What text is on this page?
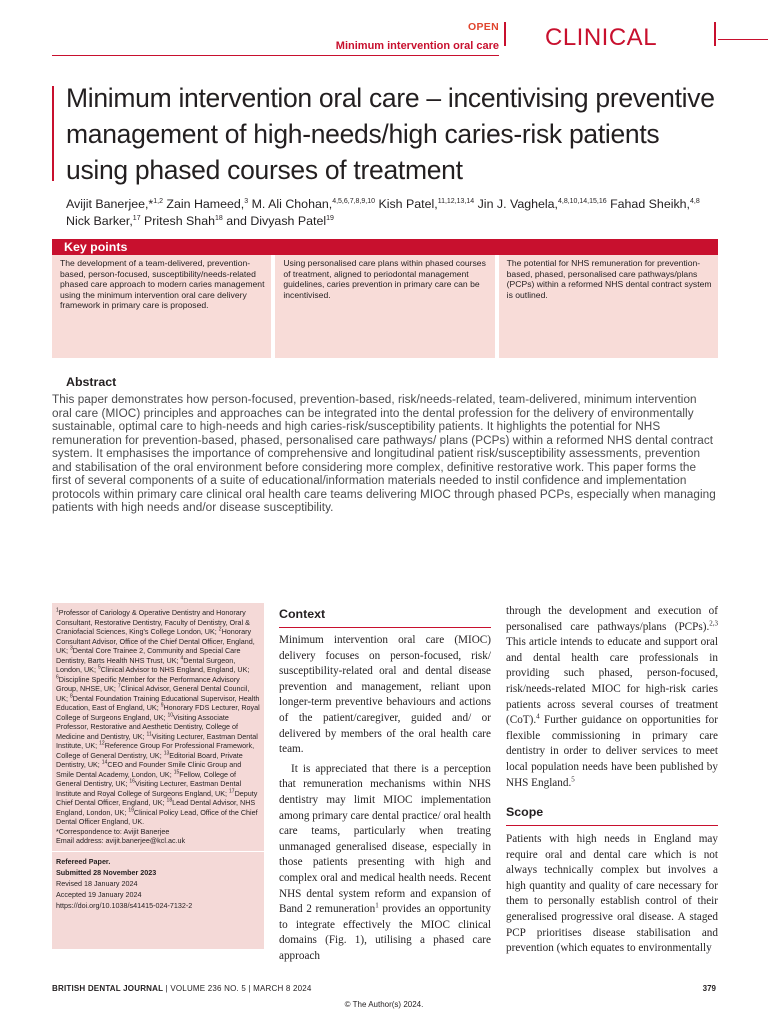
OPEN
Minimum intervention oral care CLINICAL
Minimum intervention oral care – incentivising preventive management of high-needs/high caries-risk patients using phased courses of treatment
Avijit Banerjee,*$^{1,2}$ Zain Hameed,$^3$ M. Ali Chohan,$^{4,5,6,7,8,9,10}$ Kish Patel,$^{11,12,13,14}$ Jin J. Vaghela,$^{4,8,10,14,15,16}$ Fahad Sheikh,$^{4,8}$ Nick Barker,$^{17}$ Pritesh Shah$^{18}$ and Divyash Patel$^{19}$
Key points
The development of a team-delivered, prevention-based, person-focused, susceptibility/needs-related phased care approach to modern caries management using the minimum intervention oral care delivery framework in primary care is proposed.
Using personalised care plans within phased courses of treatment, aligned to periodontal management guidelines, caries prevention in primary care can be incentivised.
The potential for NHS remuneration for prevention-based, phased, personalised care pathways/plans (PCPs) within a reformed NHS dental contract system is outlined.
Abstract
This paper demonstrates how person-focused, prevention-based, risk/needs-related, team-delivered, minimum intervention oral care (MIOC) principles and approaches can be integrated into the dental profession for the delivery of environmentally sustainable, optimal care to high-needs and high caries-risk/susceptibility patients. It highlights the potential for NHS remuneration for prevention-based, phased, personalised care pathways/ plans (PCPs) within a reformed NHS dental contract system. It emphasises the importance of comprehensive and longitudinal patient risk/susceptibility assessments, prevention and stabilisation of the oral environment before considering more complex, definitive restorative work. This paper forms the first of several components of a suite of educational/information materials needed to instil confidence and implementation protocols within primary care clinical oral health care teams delivering MIOC through phased PCPs, especially when managing patients with high needs and/or disease susceptibility.
$^1$Professor of Cariology & Operative Dentistry and Honorary Consultant, Restorative Dentistry, Faculty of Dentistry, Oral & Craniofacial Sciences, King's College London, UK; $^2$Honorary Consultant Advisor, Office of the Chief Dental Officer, England, UK; $^3$Dental Core Trainee 2, Community and Special Care Dentistry, Barts Health NHS Trust, UK; $^4$Dental Surgeon, London, UK; $^5$Clinical Advisor to NHS England, England, UK; $^6$Discipline Specific Member for the Performance Advisory Group, NHSE, UK; $^7$Clinical Advisor, General Dental Council, UK; $^8$Dental Foundation Training Educational Supervisor, Health Education, East of England, UK; $^9$Honorary FDS Lecturer, Royal College of Surgeons England, UK; $^{10}$Visiting Associate Professor, Restorative and Aesthetic Dentistry, College of Medicine and Dentistry, UK; $^{11}$Visiting Lecturer, Eastman Dental Institute, UK; $^{12}$Reference Group For Professional Framework, College of General Dentistry, UK; $^{13}$Editorial Board, Private Dentistry, UK; $^{14}$CEO and Founder Smile Clinic Group and Smile Dental Academy, London, UK; $^{15}$Fellow, College of General Dentistry, UK; $^{16}$Visiting Lecturer, Eastman Dental Institute and Royal College of Surgeons England, UK; $^{17}$Deputy Chief Dental Officer, England, UK; $^{18}$Lead Dental Advisor, NHS England, London, UK; $^{19}$Clinical Policy Lead, Office of the Chief Dental Officer England, UK.
*Correspondence to: Avijit Banerjee
Email address: avijit.banerjee@kcl.ac.uk
Refereed Paper.
Submitted 28 November 2023
Revised 18 January 2024
Accepted 19 January 2024
https://doi.org/10.1038/s41415-024-7132-2
Context
Minimum intervention oral care (MIOC) delivery focuses on person-focused, risk/ susceptibility-related oral and dental disease prevention and management, reliant upon longer-term preventive behaviours and actions of the patient/caregiver, guided and/ or delivered by members of the oral health care team.
It is appreciated that there is a perception that remuneration mechanisms within NHS dentistry may limit MIOC implementation among primary care dental practice/ oral health care teams, particularly when treating unmanaged generalised disease, especially in those patients presenting with high and complex oral and medical health needs. Recent NHS dental system reform and expansion of Band 2 remuneration$^1$ provides an opportunity to integrate effectively the MIOC clinical domains (Fig. 1), utilising a phased care approach
through the development and execution of personalised care pathways/plans (PCPs).$^{2,3}$ This article intends to educate and support oral and dental health care professionals in providing such phased, person-focused, risk/needs-related MIOC for high-risk caries patients across several courses of treatment (CoT).$^4$ Further guidance on opportunities for flexible commissioning in primary care dentistry in order to deliver services to meet local population needs have been published by NHS England.$^5$
Scope
Patients with high needs in England may require oral and dental care which is not always technically complex but involves a high quantity and quality of care necessary for them to personally establish control of their generalised progressive oral disease. A staged PCP prioritises disease stabilisation and prevention (which equates to environmentally
BRITISH DENTAL JOURNAL | VOLUME 236 NO. 5 | MARCH 8 2024	379
© The Author(s) 2024.
